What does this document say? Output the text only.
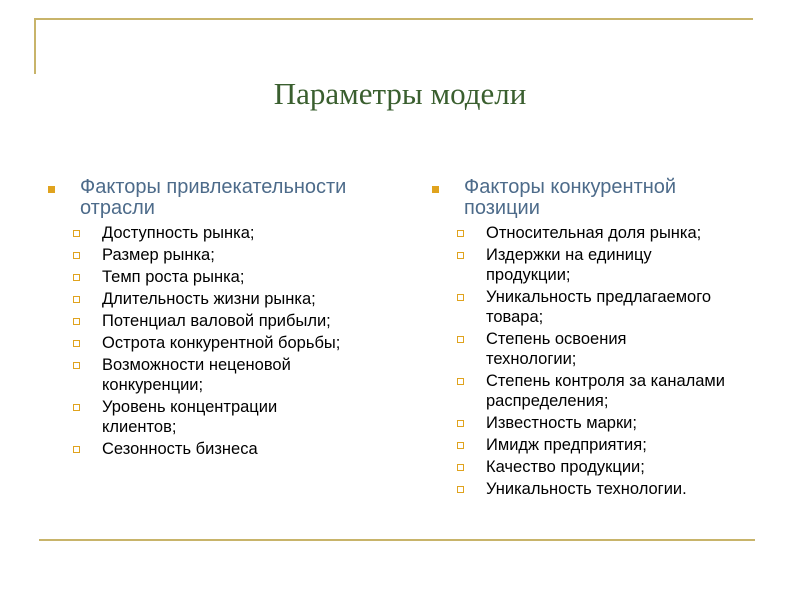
Параметры модели
Факторы привлекательности отрасли
Доступность рынка;
Размер рынка;
Темп роста рынка;
Длительность жизни рынка;
Потенциал валовой прибыли;
Острота конкурентной борьбы;
Возможности неценовой конкуренции;
Уровень концентрации клиентов;
Сезонность бизнеса
Факторы конкурентной позиции
Относительная доля рынка;
Издержки на единицу продукции;
Уникальность предлагаемого товара;
Степень освоения технологии;
Степень контроля за каналами распределения;
Известность марки;
Имидж предприятия;
Качество продукции;
Уникальность технологии.
